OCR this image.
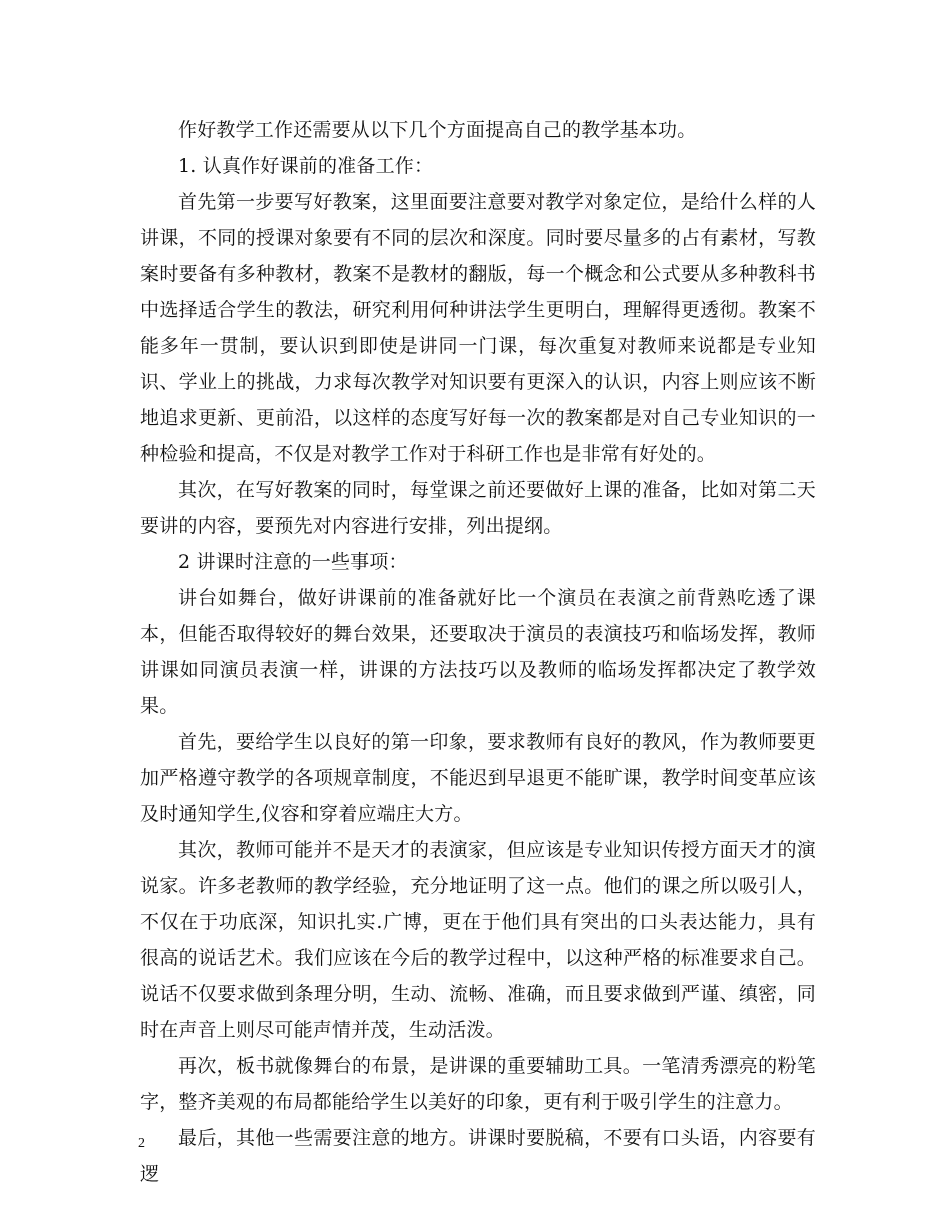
作好教学工作还需要从以下几个方面提高自己的教学基本功。

1. 认真作好课前的准备工作：

首先第一步要写好教案，这里面要注意要对教学对象定位，是给什么样的人讲课，不同的授课对象要有不同的层次和深度。同时要尽量多的占有素材，写教案时要备有多种教材，教案不是教材的翻版，每一个概念和公式要从多种教科书中选择适合学生的教法，研究利用何种讲法学生更明白，理解得更透彻。教案不能多年一贯制，要认识到即使是讲同一门课，每次重复对教师来说都是专业知识、学业上的挑战，力求每次教学对知识要有更深入的认识，内容上则应该不断地追求更新、更前沿，以这样的态度写好每一次的教案都是对自己专业知识的一种检验和提高，不仅是对教学工作对于科研工作也是非常有好处的。

其次，在写好教案的同时，每堂课之前还要做好上课的准备，比如对第二天要讲的内容，要预先对内容进行安排，列出提纲。

2 讲课时注意的一些事项：

讲台如舞台，做好讲课前的准备就好比一个演员在表演之前背熟吃透了课本，但能否取得较好的舞台效果，还要取决于演员的表演技巧和临场发挥，教师讲课如同演员表演一样，讲课的方法技巧以及教师的临场发挥都决定了教学效果。

首先，要给学生以良好的第一印象，要求教师有良好的教风，作为教师要更加严格遵守教学的各项规章制度，不能迟到早退更不能旷课，教学时间变革应该及时通知学生,仪容和穿着应端庄大方。

其次，教师可能并不是天才的表演家，但应该是专业知识传授方面天才的演说家。许多老教师的教学经验，充分地证明了这一点。他们的课之所以吸引人，不仅在于功底深，知识扎实.广博，更在于他们具有突出的口头表达能力，具有很高的说话艺术。我们应该在今后的教学过程中，以这种严格的标准要求自己。说话不仅要求做到条理分明，生动、流畅、准确，而且要求做到严谨、缜密，同时在声音上则尽可能声情并茂，生动活泼。

再次，板书就像舞台的布景，是讲课的重要辅助工具。一笔清秀漂亮的粉笔字，整齐美观的布局都能给学生以美好的印象，更有利于吸引学生的注意力。

最后，其他一些需要注意的地方。讲课时要脱稿，不要有口头语，内容要有逻

2
